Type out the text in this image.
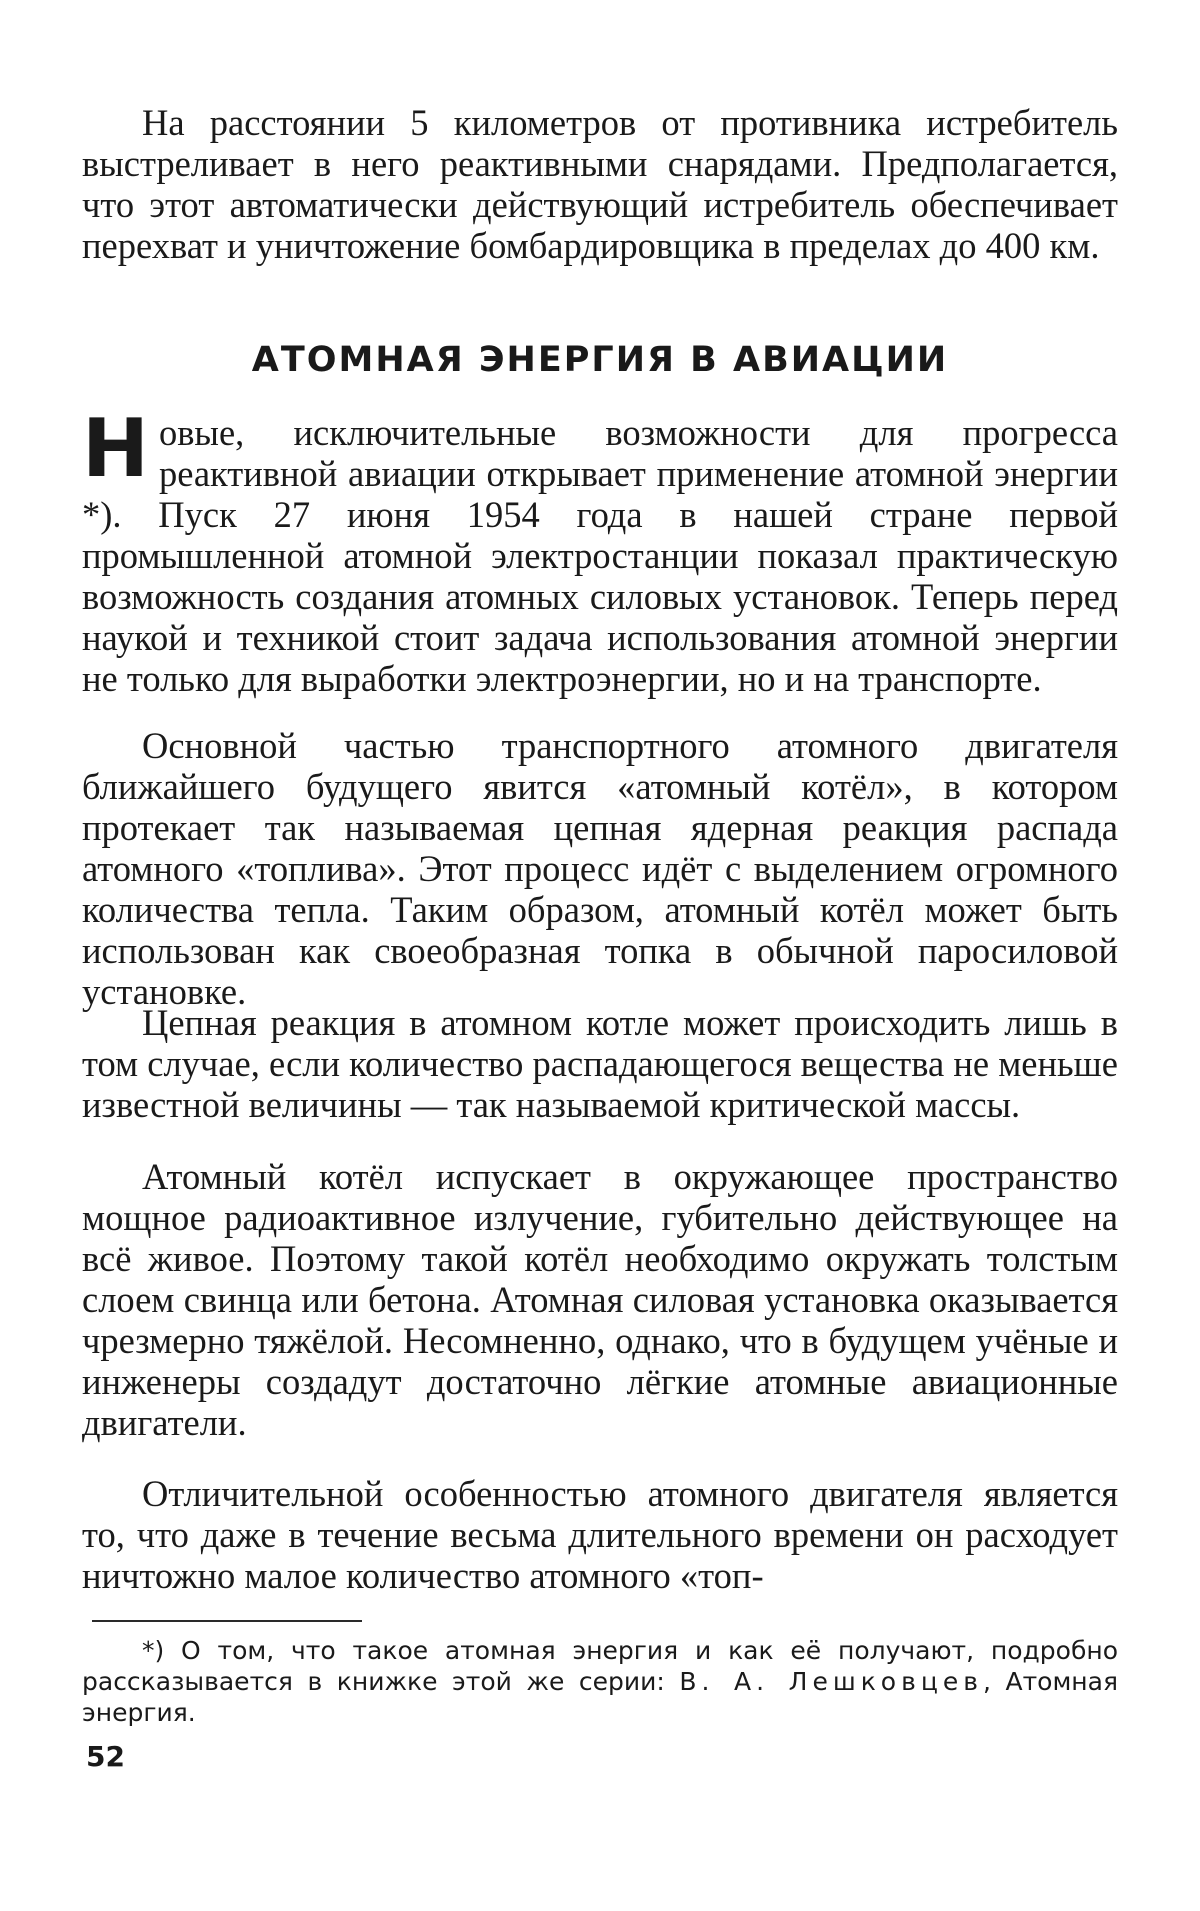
На расстоянии 5 километров от противника истребитель выстреливает в него реактивными снарядами. Предполагается, что этот автоматически действующий истребитель обеспечивает перехват и уничтожение бомбардировщика в пределах до 400 км.

АТОМНАЯ ЭНЕРГИЯ В АВИАЦИИ

Новые, исключительные возможности для прогресса реактивной авиации открывает применение атомной энергии *). Пуск 27 июня 1954 года в нашей стране первой промышленной атомной электростанции показал практическую возможность создания атомных силовых установок. Теперь перед наукой и техникой стоит задача использования атомной энергии не только для выработки электроэнергии, но и на транспорте.

Основной частью транспортного атомного двигателя ближайшего будущего явится «атомный котёл», в котором протекает так называемая цепная ядерная реакция распада атомного «топлива». Этот процесс идёт с выделением огромного количества тепла. Таким образом, атомный котёл может быть использован как своеобразная топка в обычной паросиловой установке.

Цепная реакция в атомном котле может происходить лишь в том случае, если количество распадающегося вещества не меньше известной величины — так называемой критической массы.

Атомный котёл испускает в окружающее пространство мощное радиоактивное излучение, губительно действующее на всё живое. Поэтому такой котёл необходимо окружать толстым слоем свинца или бетона. Атомная силовая установка оказывается чрезмерно тяжёлой. Несомненно, однако, что в будущем учёные и инженеры создадут достаточно лёгкие атомные авиационные двигатели.

Отличительной особенностью атомного двигателя является то, что даже в течение весьма длительного времени он расходует ничтожно малое количество атомного «топ-

*) О том, что такое атомная энергия и как её получают, подробно рассказывается в книжке этой же серии: В. А. Лешковцев, Атомная энергия.

52
